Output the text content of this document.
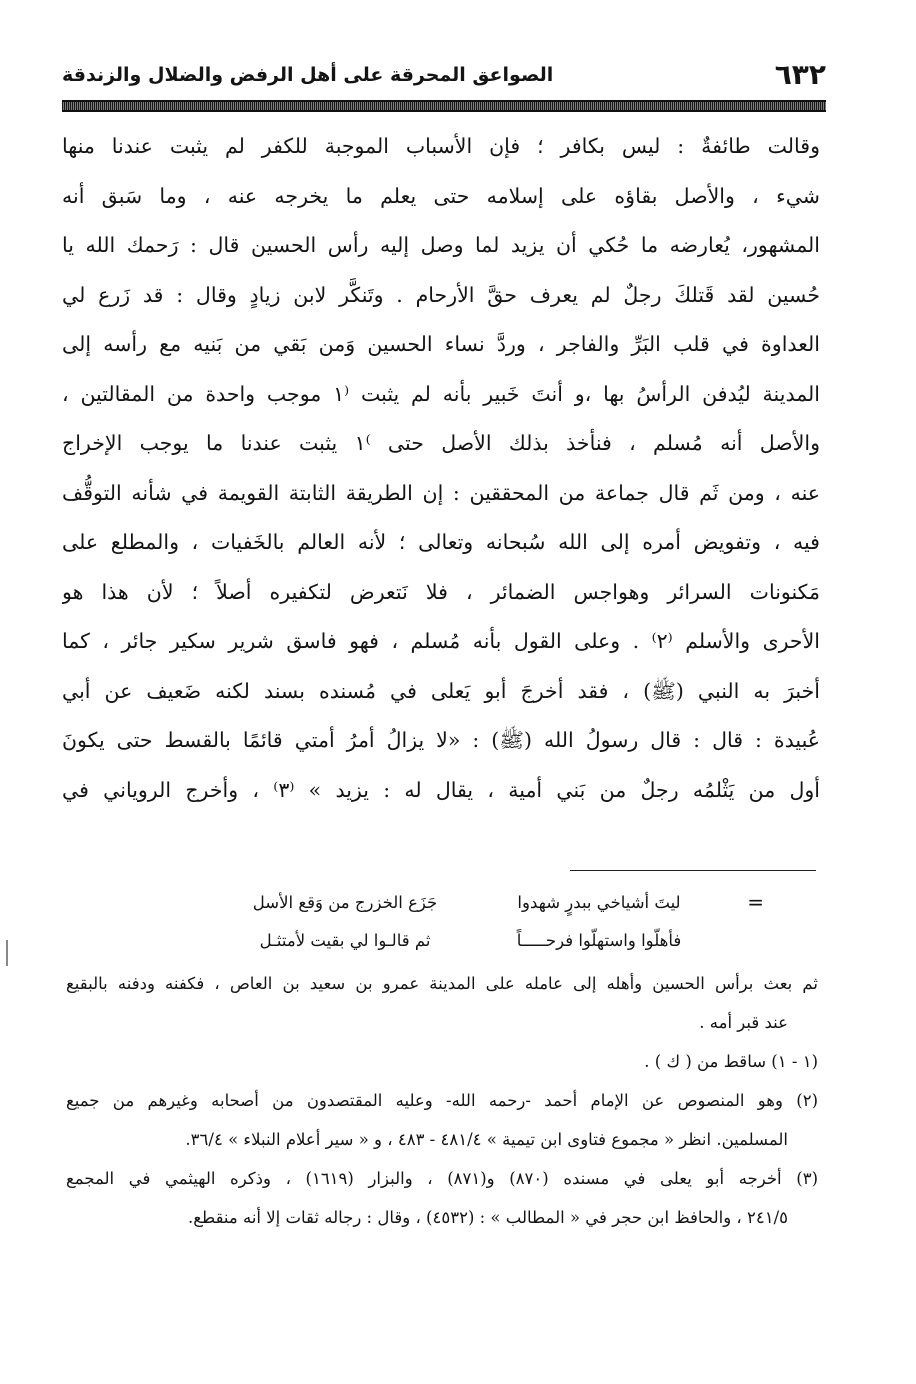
٦٣٢
الصواعق المحرقة على أهل الرفض والضلال والزندقة
وقالت طائفةٌ : ليس بكافر ؛ فإن الأسباب الموجبة للكفر لم يثبت عندنا منها
شيء ، والأصل بقاؤه على إسلامه حتى يعلم ما يخرجه عنه ، وما سَبق أنه
المشهور، يُعارضه ما حُكي أن يزيد لما وصل إليه رأس الحسين قال : رَحمك الله يا
حُسين لقد قَتلكَ رجلٌ لم يعرف حقَّ الأرحام . وتَنكَّر لابن زيادٍ وقال : قد زَرع لي
العداوة في قلب البَرِّ والفاجر ، وردَّ نساء الحسين وَمن بَقي من بَنيه مع رأسه إلى
المدينة ليُدفن الرأسُ بها ،و أنتَ خَبير بأنه لم يثبت ⁽١ موجب واحدة من المقالتين ،
والأصل أنه مُسلم ، فنأخذ بذلك الأصل حتى ⁾١ يثبت عندنا ما يوجب الإخراج
عنه ، ومن ثَم قال جماعة من المحققين : إن الطريقة الثابتة القويمة في شأنه التوقُّف
فيه ، وتفويض أمره إلى الله سُبحانه وتعالى ؛ لأنه العالم بالخَفيات ، والمطلع على
مَكنونات السرائر وهواجس الضمائر ، فلا نَتعرض لتكفيره أصلاً ؛ لأن هذا هو
الأحرى والأسلم ⁽٢⁾ . وعلى القول بأنه مُسلم ، فهو فاسق شرير سكير جائر ، كما
أخبرَ به النبي (ﷺ) ، فقد أخرجَ أبو يَعلى في مُسنده بسند لكنه ضَعيف عن أبي
عُبيدة : قال : قال رسولُ الله (ﷺ) : «لا يزالُ أمرُ أمتي قائمًا بالقسط حتى يكونَ
أول من يَثْلمُه رجلٌ من بَني أمية ، يقال له : يزيد » ⁽٣⁾ ، وأخرج الروياني في
=
ليتَ أشياخي ببدرٍ شهدوا
جَزَع الخزرج من وَقع الأسل
فأهلّوا واستهلّوا فرحـــــاً
ثم قالـوا لي بقيت لأمتثـل
ثم بعث برأس الحسين وأهله إلى عامله على المدينة عمرو بن سعيد بن العاص ، فكفنه ودفنه بالبقيع
عند قبر أمه .
(١ - ١) ساقط من ( ك ) .
(٢) وهو المنصوص عن الإمام أحمد -رحمه الله- وعليه المقتصدون من أصحابه وغيرهم من جميع
المسلمين. انظر « مجموع فتاوى ابن تيمية » ٤٨١/٤ - ٤٨٣ ، و « سير أعلام النبلاء » ٣٦/٤.
(٣) أخرجه أبو يعلى في مسنده (٨٧٠) و(٨٧١) ، والبزار (١٦١٩) ، وذكره الهيثمي في المجمع
٢٤١/٥ ، والحافظ ابن حجر في « المطالب » : (٤٥٣٢) ، وقال : رجاله ثقات إلا أنه منقطع.
